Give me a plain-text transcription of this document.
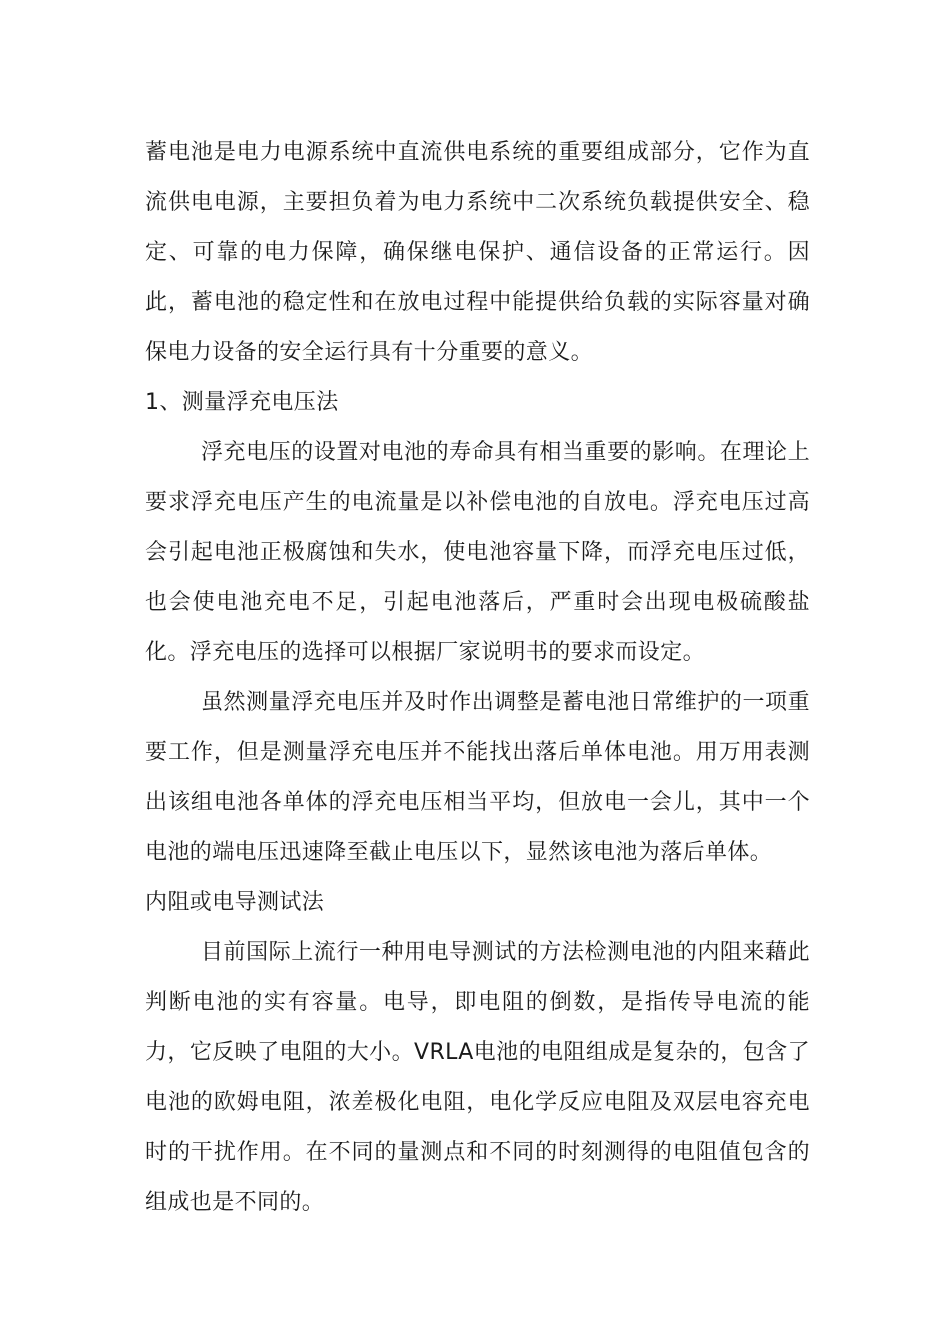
蓄电池是电力电源系统中直流供电系统的重要组成部分，它作为直流供电电源，主要担负着为电力系统中二次系统负载提供安全、稳定、可靠的电力保障，确保继电保护、通信设备的正常运行。因此，蓄电池的稳定性和在放电过程中能提供给负载的实际容量对确保电力设备的安全运行具有十分重要的意义。

1、测量浮充电压法

浮充电压的设置对电池的寿命具有相当重要的影响。在理论上要求浮充电压产生的电流量是以补偿电池的自放电。浮充电压过高会引起电池正极腐蚀和失水，使电池容量下降，而浮充电压过低，也会使电池充电不足，引起电池落后，严重时会出现电极硫酸盐化。浮充电压的选择可以根据厂家说明书的要求而设定。

虽然测量浮充电压并及时作出调整是蓄电池日常维护的一项重要工作，但是测量浮充电压并不能找出落后单体电池。用万用表测出该组电池各单体的浮充电压相当平均，但放电一会儿，其中一个电池的端电压迅速降至截止电压以下，显然该电池为落后单体。

内阻或电导测试法

目前国际上流行一种用电导测试的方法检测电池的内阻来藉此判断电池的实有容量。电导，即电阻的倒数，是指传导电流的能力，它反映了电阻的大小。VRLA电池的电阻组成是复杂的，包含了电池的欧姆电阻，浓差极化电阻，电化学反应电阻及双层电容充电时的干扰作用。在不同的量测点和不同的时刻测得的电阻值包含的组成也是不同的。
